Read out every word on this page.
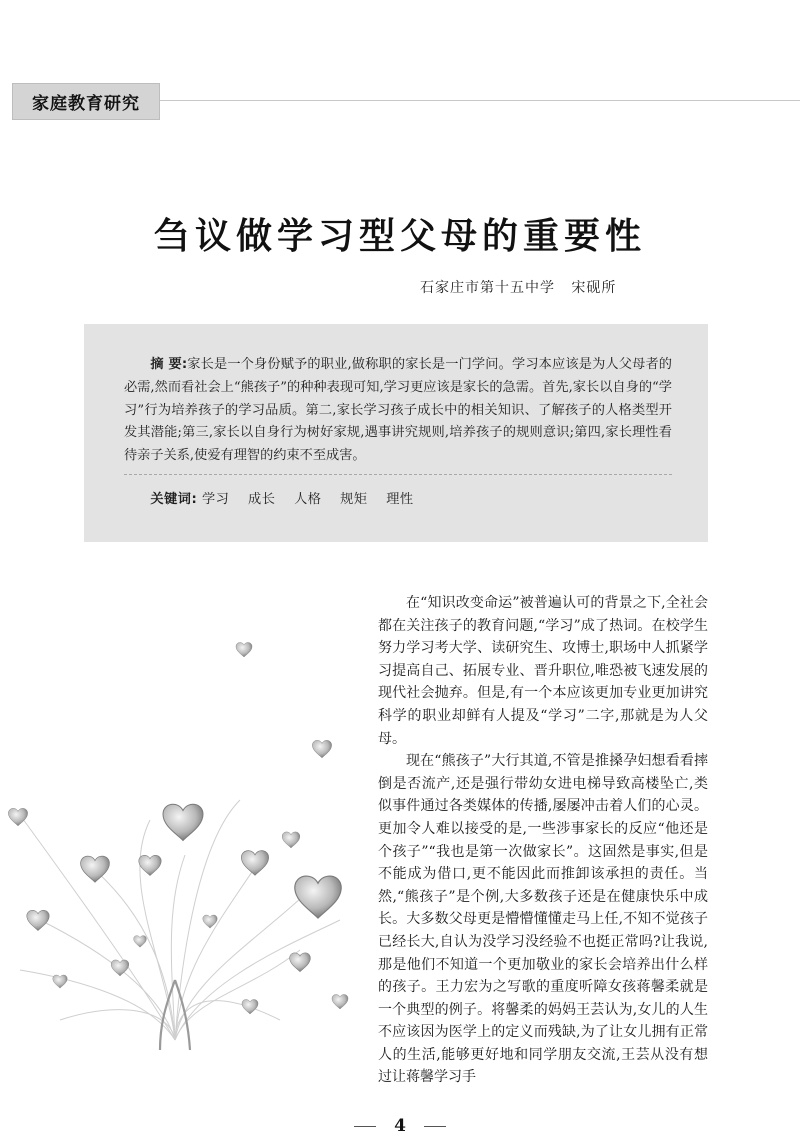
家庭教育研究
刍议做学习型父母的重要性
石家庄市第十五中学   宋砚所
摘 要:家长是一个身份赋予的职业,做称职的家长是一门学问。学习本应该是为人父母者的必需,然而看社会上“熊孩子”的种种表现可知,学习更应该是家长的急需。首先,家长以自身的“学习”行为培养孩子的学习品质。第二,家长学习孩子成长中的相关知识、了解孩子的人格类型开发其潜能;第三,家长以自身行为树好家规,遇事讲究规则,培养孩子的规则意识;第四,家长理性看待亲子关系,使爱有理智的约束不至成害。
关键词: 学习 成长 人格 规矩 理性

在“知识改变命运”被普遍认可的背景之下,全社会都在关注孩子的教育问题,“学习”成了热词。在校学生努力学习考大学、读研究生、攻博士,职场中人抓紧学习提高自己、拓展专业、晋升职位,唯恐被飞速发展的现代社会抛弃。但是,有一个本应该更加专业更加讲究科学的职业却鲜有人提及“学习”二字,那就是为人父母。

现在“熊孩子”大行其道,不管是推搡孕妇想看看摔倒是否流产,还是强行带幼女进电梯导致高楼坠亡,类似事件通过各类媒体的传播,屡屡冲击着人们的心灵。更加令人难以接受的是,一些涉事家长的反应“他还是个孩子”“我也是第一次做家长”。这固然是事实,但是不能成为借口,更不能因此而推卸该承担的责任。当然,“熊孩子”是个例,大多数孩子还是在健康快乐中成长。大多数父母更是懵懵懂懂走马上任,不知不觉孩子已经长大,自认为没学习没经验不也挺正常吗?让我说,那是他们不知道一个更加敬业的家长会培养出什么样的孩子。王力宏为之写歌的重度听障女孩蒋馨柔就是一个典型的例子。将馨柔的妈妈王芸认为,女儿的人生不应该因为医学上的定义而残缺,为了让女儿拥有正常人的生活,能够更好地和同学朋友交流,王芸从没有想过让蒋馨学习手

4
